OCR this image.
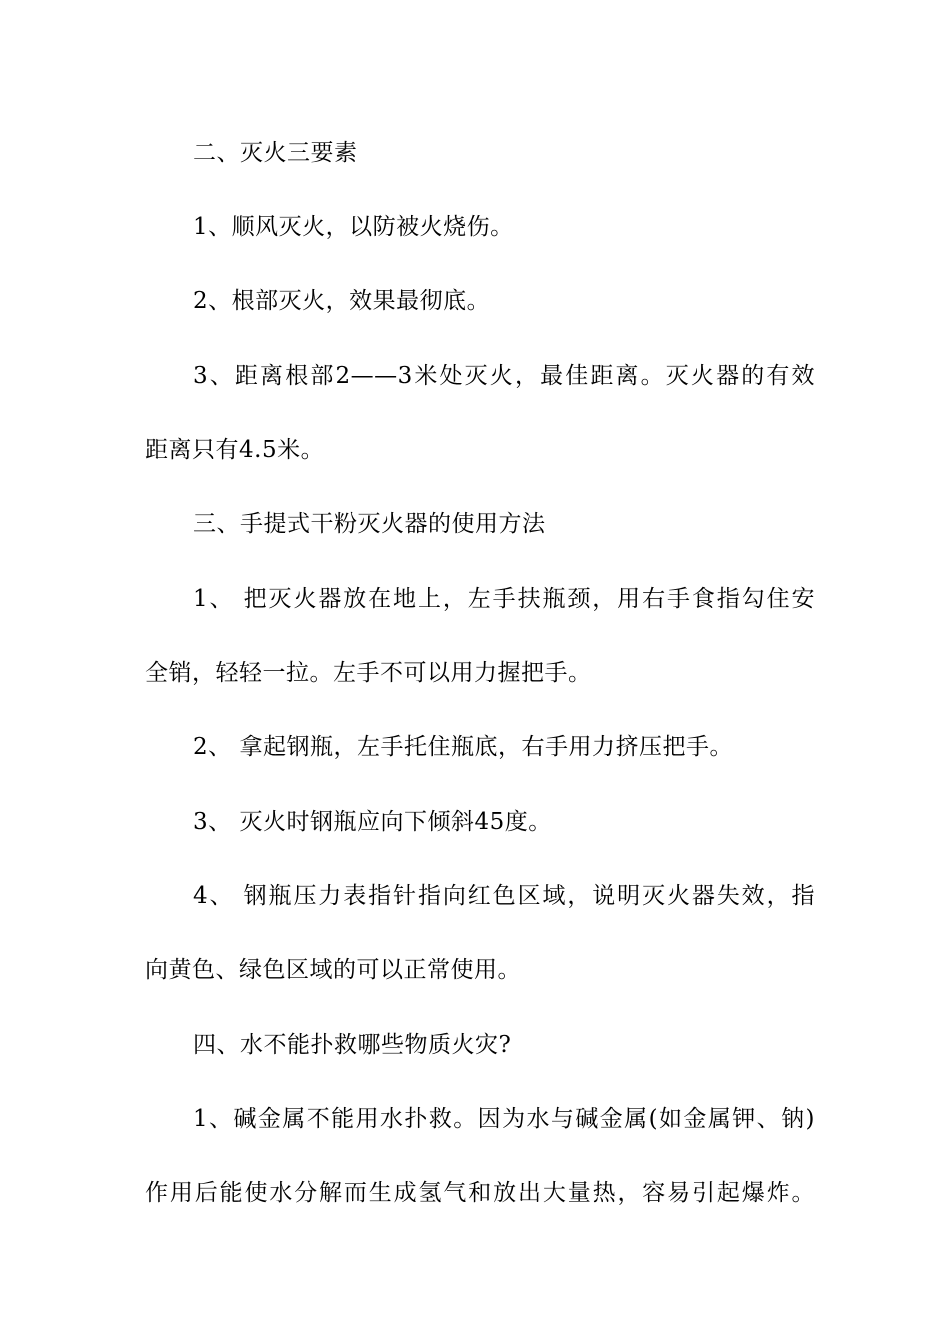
二、灭火三要素
1、顺风灭火，以防被火烧伤。
2、根部灭火，效果最彻底。
3、距离根部2——3米处灭火，最佳距离。灭火器的有效
距离只有4.5米。
三、手提式干粉灭火器的使用方法
1、 把灭火器放在地上，左手扶瓶颈，用右手食指勾住安
全销，轻轻一拉。左手不可以用力握把手。
2、 拿起钢瓶，左手托住瓶底，右手用力挤压把手。
3、 灭火时钢瓶应向下倾斜45度。
4、 钢瓶压力表指针指向红色区域，说明灭火器失效，指
向黄色、绿色区域的可以正常使用。
四、水不能扑救哪些物质火灾?
1、碱金属不能用水扑救。因为水与碱金属(如金属钾、钠)
作用后能使水分解而生成氢气和放出大量热，容易引起爆炸。
